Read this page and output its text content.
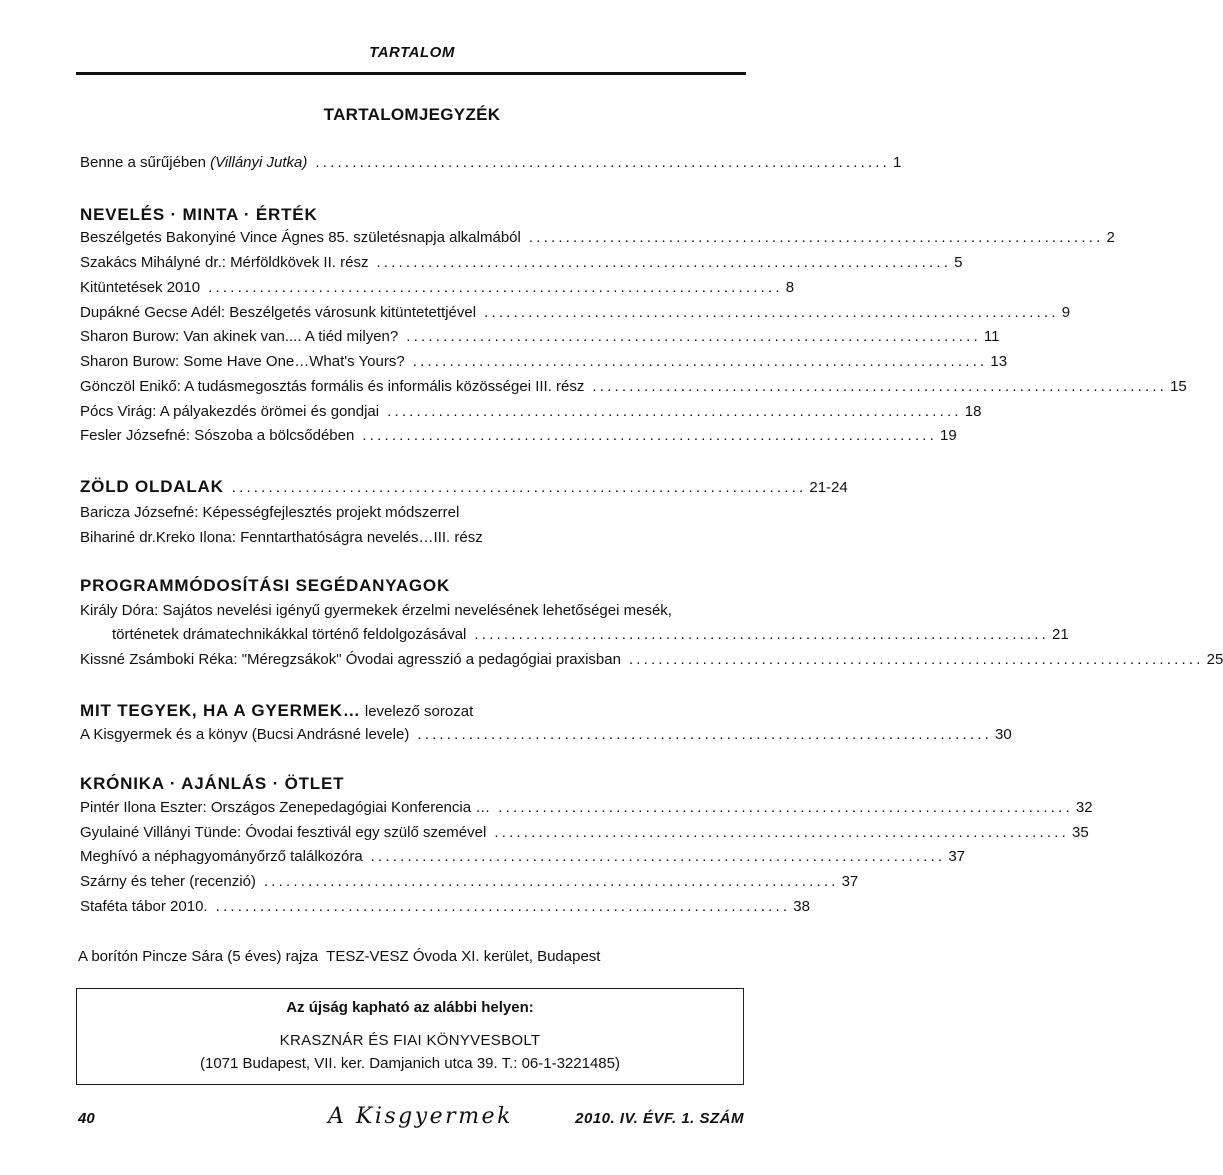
TARTALOM
TARTALOMJEGYZÉK
Benne a sűrűjében (Villányi Jutka) .............................................................................. 1
NEVELÉS · MINTA · ÉRTÉK
Beszélgetés Bakonyiné Vince Ágnes 85. születésnapja alkalmából .............................................................................. 2
Szakács Mihályné dr.: Mérföldkövek II. rész .............................................................................. 5
Kitüntetések 2010 .............................................................................. 8
Dupákné Gecse Adél: Beszélgetés városunk kitüntetettjével .............................................................................. 9
Sharon Burow: Van akinek van.... A tiéd milyen? .............................................................................. 11
Sharon Burow: Some Have One…What's Yours? .............................................................................. 13
Gönczöl Enikő: A tudásmegosztás formális és informális közösségei III. rész .............................................................................. 15
Pócs Virág: A pályakezdés örömei és gondjai .............................................................................. 18
Fesler Józsefné: Sószoba a bölcsődében .............................................................................. 19
ZÖLD OLDALAK .............................................................................. 21-24
Baricza Józsefné: Képességfejlesztés projekt módszerrel
Bihariné dr.Kreko Ilona: Fenntarthatóságra nevelés…III. rész
PROGRAMMÓDOSÍTÁSI SEGÉDANYAGOK
Király Dóra: Sajátos nevelési igényű gyermekek érzelmi nevelésének lehetőségei mesék,
történetek drámatechnikákkal történő feldolgozásával .............................................................................. 21
Kissné Zsámboki Réka: "Méregzsákok" Óvodai agresszió a pedagógiai praxisban .............................................................................. 25
MIT TEGYEK, HA A GYERMEK… levelező sorozat
A Kisgyermek és a könyv (Bucsi Andrásné levele) .............................................................................. 30
KRÓNIKA · AJÁNLÁS · ÖTLET
Pintér Ilona Eszter: Országos Zenepedagógiai Konferencia … .............................................................................. 32
Gyulainé Villányi Tünde: Óvodai fesztivál egy szülő szemével .............................................................................. 35
Meghívó a néphagyományőrző találkozóra .............................................................................. 37
Szárny és teher (recenzió) .............................................................................. 37
Staféta tábor 2010. .............................................................................. 38
A borítón Pincze Sára (5 éves) rajza  TESZ-VESZ Óvoda XI. kerület, Budapest
Az újság kapható az alábbi helyen:
KRASZNÁR ÉS FIAI KÖNYVESBOLT
(1071 Budapest, VII. ker. Damjanich utca 39. T.: 06-1-3221485)
40	A Kisgyermek	2010. IV. ÉVF. 1. SZÁM
